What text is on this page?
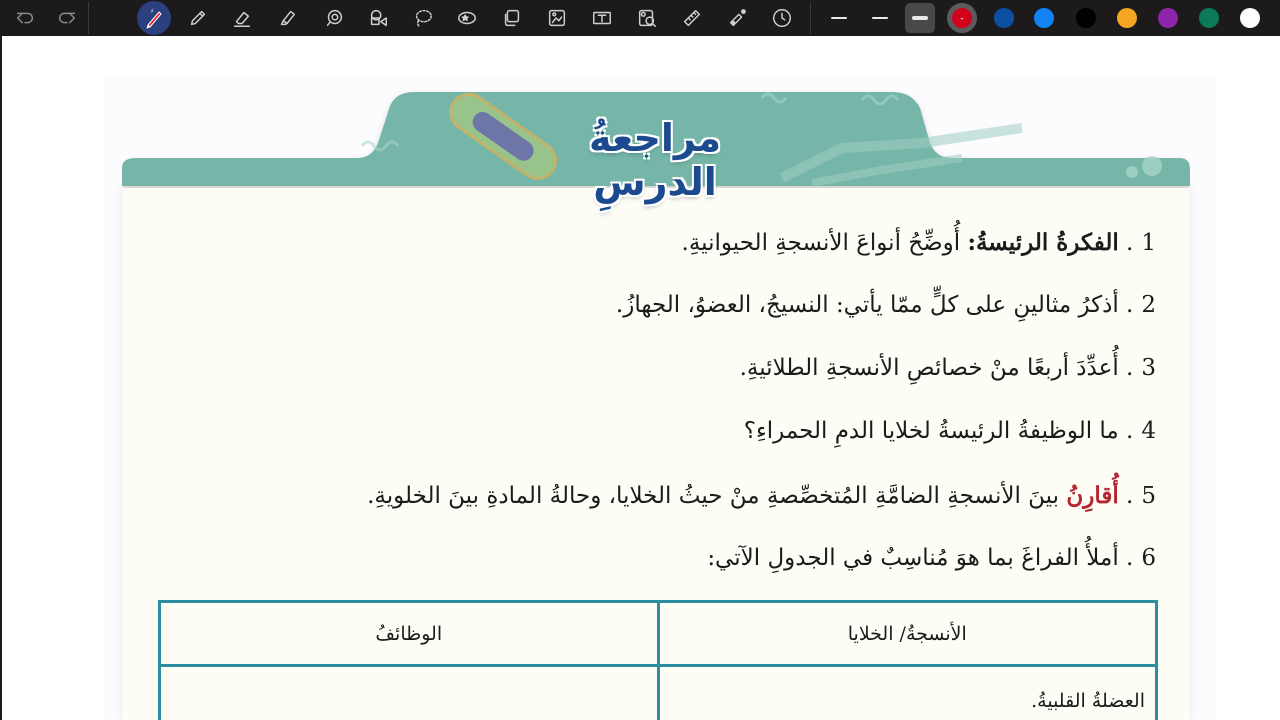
⚡
⌄
مراجعةُ الدرسِ
1. الفكرةُ الرئيسةُ: أُوضِّحُ أنواعَ الأنسجةِ الحيوانيةِ.
2. أذكرُ مثالينِ على كلٍّ ممّا يأتي: النسيجُ، العضوُ، الجهازُ.
3. أُعدِّدَ أربعًا منْ خصائصِ الأنسجةِ الطلائيةِ.
4. ما الوظيفةُ الرئيسةُ لخلايا الدمِ الحمراءِ؟
5. أُقارِنُ بينَ الأنسجةِ الضامَّةِ المُتخصِّصةِ منْ حيثُ الخلايا، وحالةُ المادةِ بينَ الخلويةِ.
6. أملأُ الفراغَ بما هوَ مُناسِبٌ في الجدولِ الآتي:
الأنسجةُ/ الخلايا	الوظائفُ
العضلةُ القلبيةُ.	
